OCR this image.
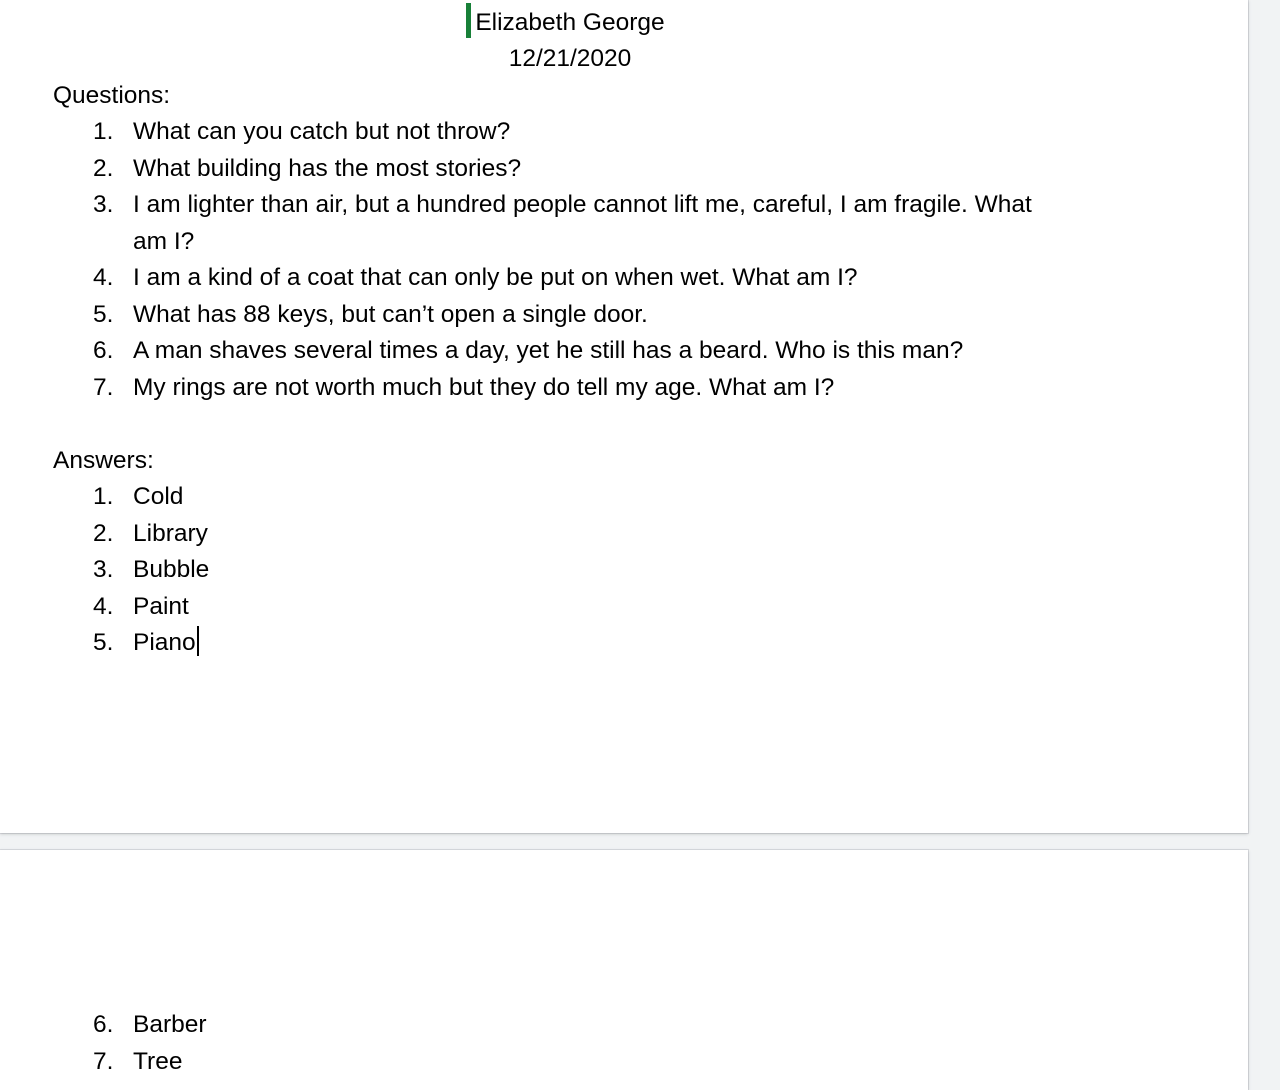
Elizabeth George
12/21/2020
Questions:
1. What can you catch but not throw?
2. What building has the most stories?
3. I am lighter than air, but a hundred people cannot lift me, careful, I am fragile. What am I?
4. I am a kind of a coat that can only be put on when wet. What am I?
5. What has 88 keys, but can’t open a single door.
6. A man shaves several times a day, yet he still has a beard. Who is this man?
7. My rings are not worth much but they do tell my age. What am I?
Answers:
1. Cold
2. Library
3. Bubble
4. Paint
5. Piano
6. Barber
7. Tree
